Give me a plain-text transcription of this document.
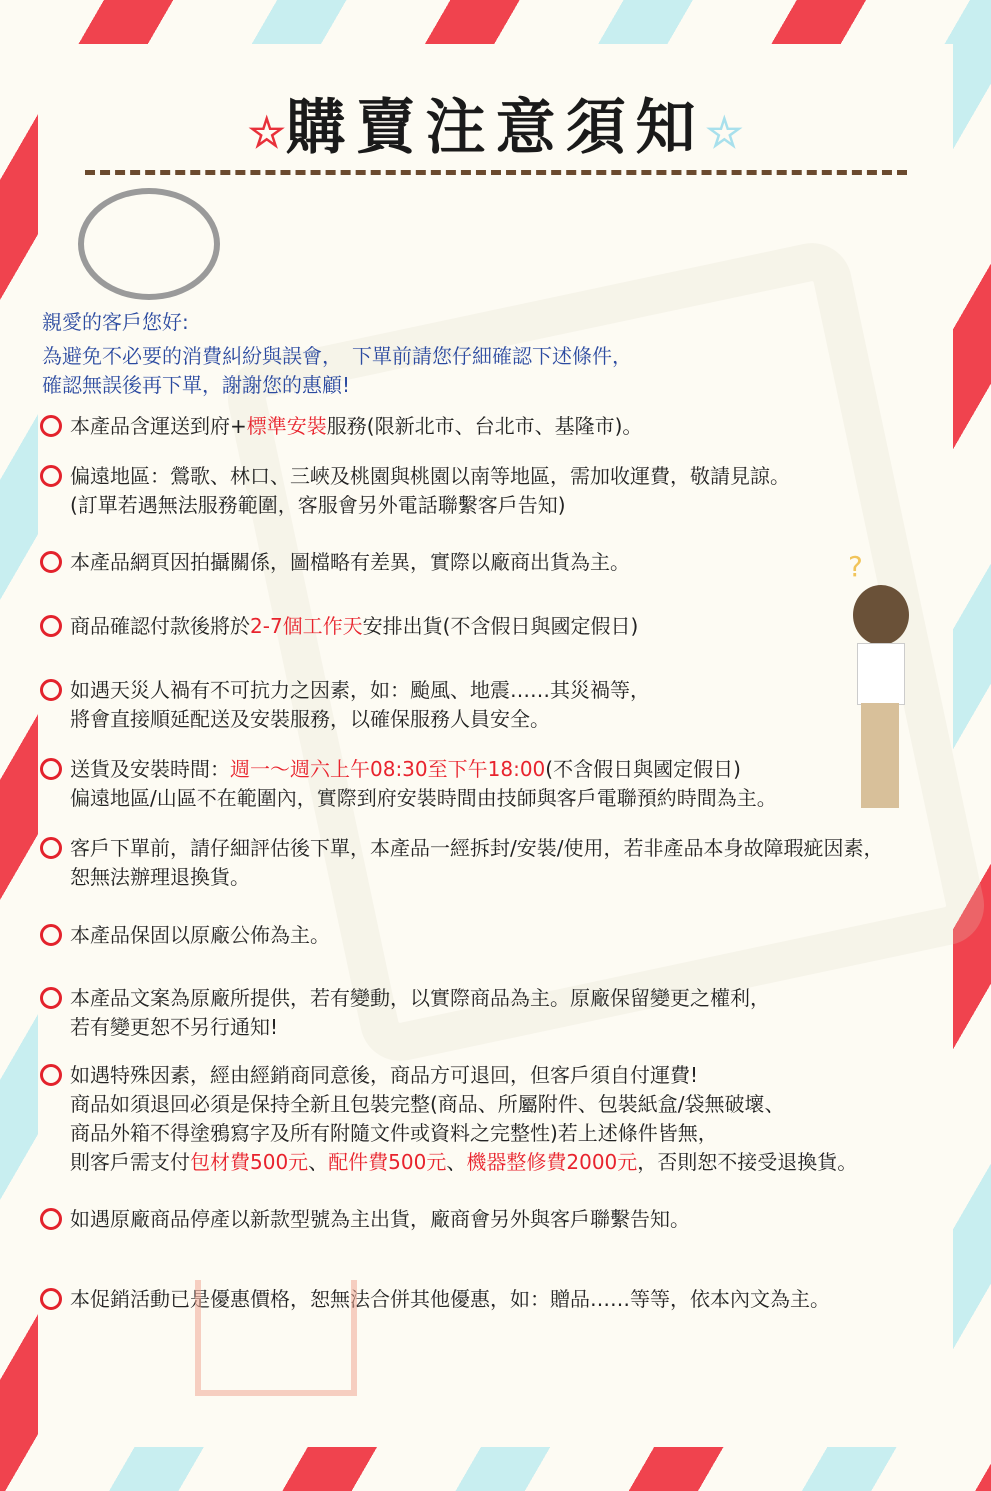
☆購賣注意須知☆
親愛的客戶您好:
為避免不必要的消費糾紛與誤會，　下單前請您仔細確認下述條件，
確認無誤後再下單，謝謝您的惠顧!
本產品含運送到府+標準安裝服務(限新北市、台北市、基隆市)。
偏遠地區：鶯歌、林口、三峽及桃園與桃園以南等地區，需加收運費，敬請見諒。
(訂單若遇無法服務範圍，客服會另外電話聯繫客戶告知)
本產品網頁因拍攝關係，圖檔略有差異，實際以廠商出貨為主。
商品確認付款後將於2-7個工作天安排出貨(不含假日與國定假日)
如遇天災人禍有不可抗力之因素，如：颱風、地震……其災禍等，
將會直接順延配送及安裝服務，以確保服務人員安全。
送貨及安裝時間：週一～週六上午08:30至下午18:00(不含假日與國定假日)
偏遠地區/山區不在範圍內，實際到府安裝時間由技師與客戶電聯預約時間為主。
客戶下單前，請仔細評估後下單，本產品一經拆封/安裝/使用，若非產品本身故障瑕疵因素，
恕無法辦理退換貨。
本產品保固以原廠公佈為主。
本產品文案為原廠所提供，若有變動，以實際商品為主。原廠保留變更之權利，
若有變更恕不另行通知!
如遇特殊因素，經由經銷商同意後，商品方可退回，但客戶須自付運費!
商品如須退回必須是保持全新且包裝完整(商品、所屬附件、包裝紙盒/袋無破壞、
商品外箱不得塗鴉寫字及所有附隨文件或資料之完整性)若上述條件皆無，
則客戶需支付包材費500元、配件費500元、機器整修費2000元，否則恕不接受退換貨。
如遇原廠商品停產以新款型號為主出貨，廠商會另外與客戶聯繫告知。
本促銷活動已是優惠價格，恕無法合併其他優惠，如：贈品……等等，依本內文為主。
?
